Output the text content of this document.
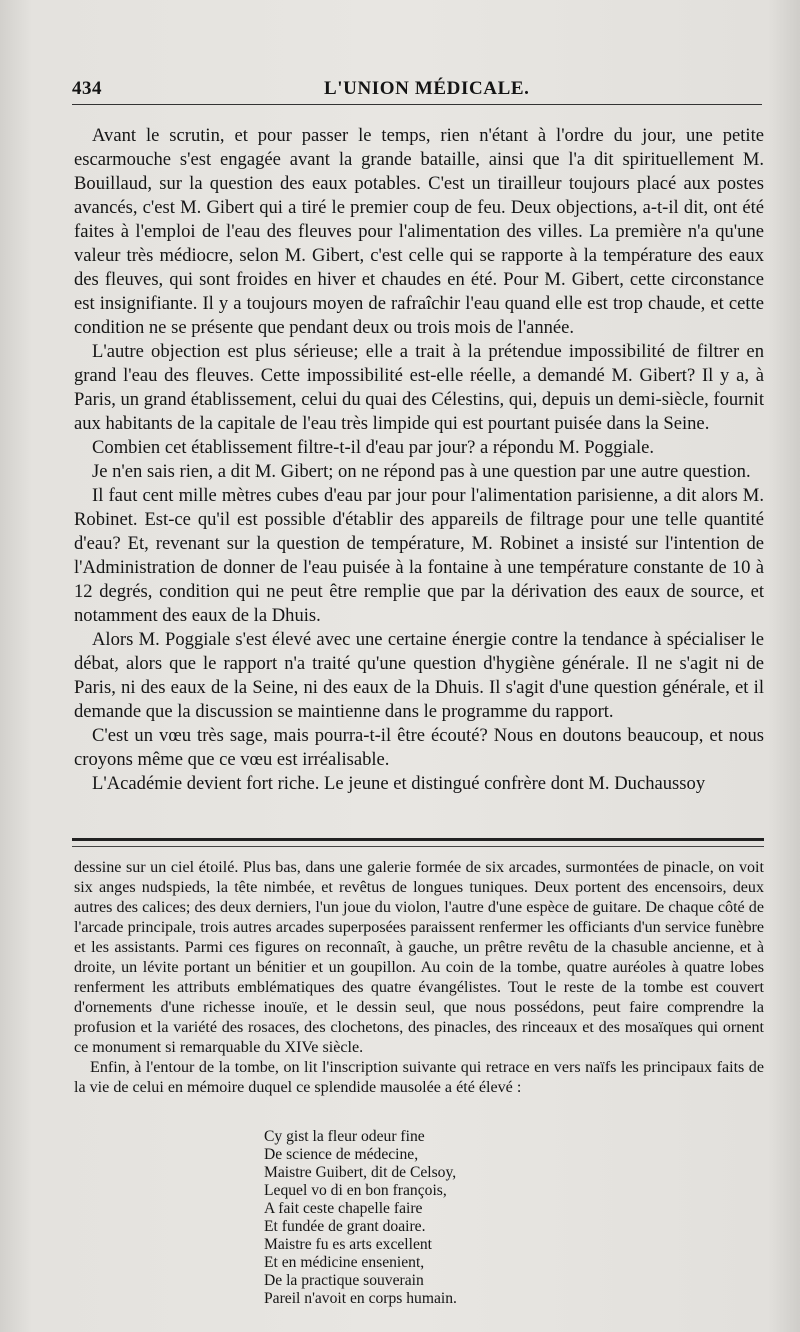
434	L'UNION MÉDICALE.

Avant le scrutin, et pour passer le temps, rien n'étant à l'ordre du jour, une petite escarmouche s'est engagée avant la grande bataille, ainsi que l'a dit spirituellement M. Bouillaud, sur la question des eaux potables. C'est un tirailleur toujours placé aux postes avancés, c'est M. Gibert qui a tiré le premier coup de feu. Deux objections, a-t-il dit, ont été faites à l'emploi de l'eau des fleuves pour l'alimentation des villes. La première n'a qu'une valeur très médiocre, selon M. Gibert, c'est celle qui se rapporte à la température des eaux des fleuves, qui sont froides en hiver et chaudes en été. Pour M. Gibert, cette circonstance est insignifiante. Il y a toujours moyen de rafraîchir l'eau quand elle est trop chaude, et cette condition ne se présente que pendant deux ou trois mois de l'année.

L'autre objection est plus sérieuse; elle a trait à la prétendue impossibilité de filtrer en grand l'eau des fleuves. Cette impossibilité est-elle réelle, a demandé M. Gibert? Il y a, à Paris, un grand établissement, celui du quai des Célestins, qui, depuis un demi-siècle, fournit aux habitants de la capitale de l'eau très limpide qui est pourtant puisée dans la Seine.

Combien cet établissement filtre-t-il d'eau par jour? a répondu M. Poggiale.

Je n'en sais rien, a dit M. Gibert; on ne répond pas à une question par une autre question.

Il faut cent mille mètres cubes d'eau par jour pour l'alimentation parisienne, a dit alors M. Robinet. Est-ce qu'il est possible d'établir des appareils de filtrage pour une telle quantité d'eau? Et, revenant sur la question de température, M. Robinet a insisté sur l'intention de l'Administration de donner de l'eau puisée à la fontaine à une température constante de 10 à 12 degrés, condition qui ne peut être remplie que par la dérivation des eaux de source, et notamment des eaux de la Dhuis.

Alors M. Poggiale s'est élevé avec une certaine énergie contre la tendance à spécialiser le débat, alors que le rapport n'a traité qu'une question d'hygiène générale. Il ne s'agit ni de Paris, ni des eaux de la Seine, ni des eaux de la Dhuis. Il s'agit d'une question générale, et il demande que la discussion se maintienne dans le programme du rapport.

C'est un vœu très sage, mais pourra-t-il être écouté? Nous en doutons beaucoup, et nous croyons même que ce vœu est irréalisable.

L'Académie devient fort riche. Le jeune et distingué confrère dont M. Duchaussoy

dessine sur un ciel étoilé. Plus bas, dans une galerie formée de six arcades, surmontées de pinacle, on voit six anges nudspieds, la tête nimbée, et revêtus de longues tuniques. Deux portent des encensoirs, deux autres des calices; des deux derniers, l'un joue du violon, l'autre d'une espèce de guitare. De chaque côté de l'arcade principale, trois autres arcades superposées paraissent renfermer les officiants d'un service funèbre et les assistants. Parmi ces figures on reconnaît, à gauche, un prêtre revêtu de la chasuble ancienne, et à droite, un lévite portant un bénitier et un goupillon. Au coin de la tombe, quatre auréoles à quatre lobes renferment les attributs emblématiques des quatre évangélistes. Tout le reste de la tombe est couvert d'ornements d'une richesse inouïe, et le dessin seul, que nous possédons, peut faire comprendre la profusion et la variété des rosaces, des clochetons, des pinacles, des rinceaux et des mosaïques qui ornent ce monument si remarquable du XIVe siècle.

Enfin, à l'entour de la tombe, on lit l'inscription suivante qui retrace en vers naïfs les principaux faits de la vie de celui en mémoire duquel ce splendide mausolée a été élevé :

Cy gist la fleur odeur fine
De science de médecine,
Maistre Guibert, dit de Celsoy,
Lequel vo di en bon françois,
A fait ceste chapelle faire
Et fundée de grant doaire.
Maistre fu es arts excellent
Et en médicine ensenient,
De la practique souverain
Pareil n'avoit en corps humain.
